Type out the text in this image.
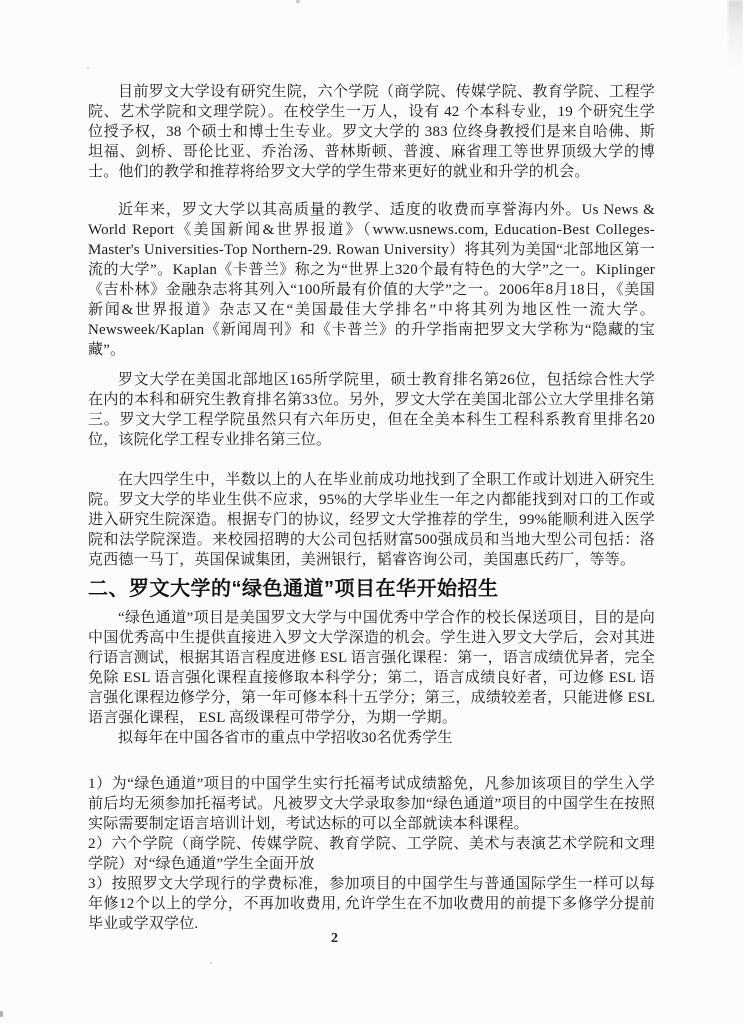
目前罗文大学设有研究生院，六个学院（商学院、传媒学院、教育学院、工程学院、艺术学院和文理学院）。在校学生一万人，设有 42 个本科专业，19 个研究生学位授予权，38 个硕士和博士生专业。罗文大学的 383 位终身教授们是来自哈佛、斯坦福、剑桥、哥伦比亚、乔治汤、普林斯顿、普渡、麻省理工等世界顶级大学的博士。他们的教学和推荐将给罗文大学的学生带来更好的就业和升学的机会。

近年来，罗文大学以其高质量的教学、适度的收费而享誉海内外。Us News & World Report《美国新闻&世界报道》（www.usnews.com, Education-Best Colleges-Master's Universities-Top Northern-29. Rowan University）将其列为美国“北部地区第一流的大学”。Kaplan《卡普兰》称之为“世界上320个最有特色的大学”之一。Kiplinger《吉朴林》金融杂志将其列入“100所最有价值的大学”之一。2006年8月18日，《美国新闻&世界报道》杂志又在“美国最佳大学排名”中将其列为地区性一流大学。Newsweek/Kaplan《新闻周刊》和《卡普兰》的升学指南把罗文大学称为“隐藏的宝藏”。

罗文大学在美国北部地区165所学院里，硕士教育排名第26位，包括综合性大学在内的本科和研究生教育排名第33位。另外，罗文大学在美国北部公立大学里排名第三。罗文大学工程学院虽然只有六年历史，但在全美本科生工程科系教育里排名20位，该院化学工程专业排名第三位。

在大四学生中，半数以上的人在毕业前成功地找到了全职工作或计划进入研究生院。罗文大学的毕业生供不应求，95%的大学毕业生一年之内都能找到对口的工作或进入研究生院深造。根据专门的协议，经罗文大学推荐的学生，99%能顺利进入医学院和法学院深造。来校园招聘的大公司包括财富500强成员和当地大型公司包括：洛克西德一马丁，英国保诚集团，美洲银行，韬睿咨询公司，美国惠氏药厂，等等。

二、罗文大学的“绿色通道”项目在华开始招生

“绿色通道”项目是美国罗文大学与中国优秀中学合作的校长保送项目，目的是向中国优秀高中生提供直接进入罗文大学深造的机会。学生进入罗文大学后，会对其进行语言测试，根据其语言程度进修 ESL 语言强化课程：第一，语言成绩优异者，完全免除 ESL 语言强化课程直接修取本科学分；第二，语言成绩良好者，可边修 ESL 语言强化课程边修学分，第一年可修本科十五学分；第三，成绩较差者，只能进修 ESL 语言强化课程， ESL 高级课程可带学分，为期一学期。

拟每年在中国各省市的重点中学招收30名优秀学生

1）为“绿色通道”项目的中国学生实行托福考试成绩豁免，凡参加该项目的学生入学前后均无须参加托福考试。凡被罗文大学录取参加“绿色通道”项目的中国学生在按照实际需要制定语言培训计划，考试达标的可以全部就读本科课程。

2）六个学院（商学院、传媒学院、教育学院、工学院、美术与表演艺术学院和文理学院）对“绿色通道”学生全面开放

3）按照罗文大学现行的学费标准，参加项目的中国学生与普通国际学生一样可以每年修12个以上的学分，不再加收费用, 允许学生在不加收费用的前提下多修学分提前毕业或学双学位.

2
